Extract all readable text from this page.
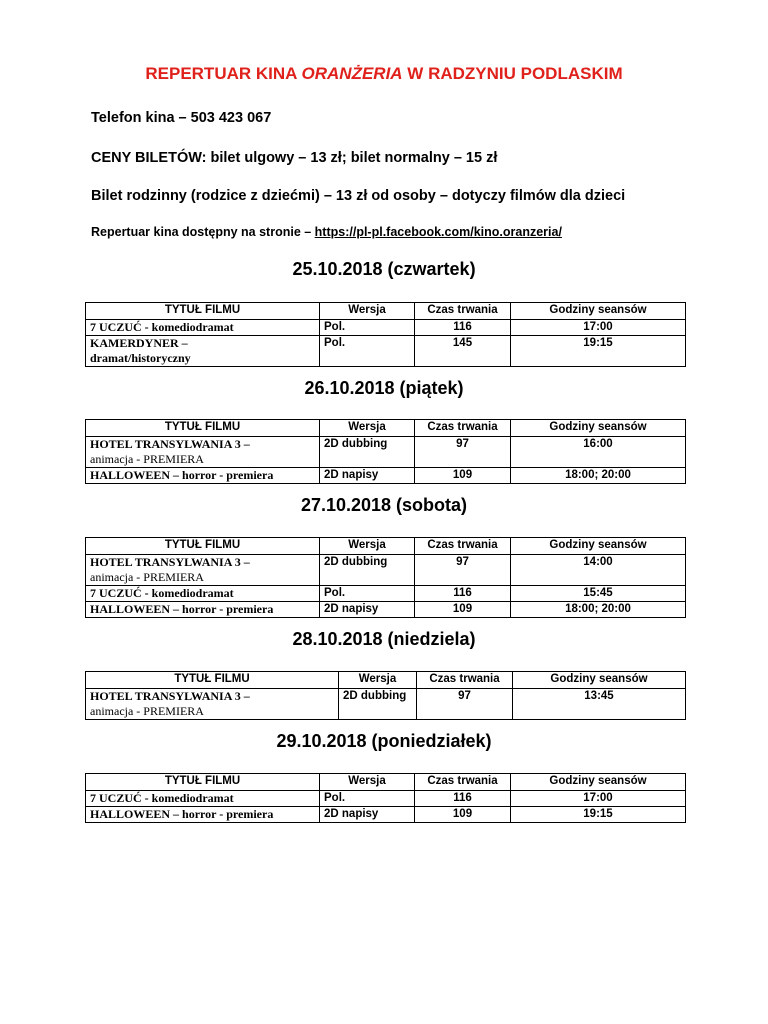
REPERTUAR KINA ORANŻERIA W RADZYNIU PODLASKIM
Telefon kina – 503 423 067
CENY BILETÓW: bilet ulgowy – 13 zł; bilet normalny – 15 zł
Bilet rodzinny (rodzice z dziećmi) – 13 zł od osoby – dotyczy filmów dla dzieci
Repertuar kina dostępny na stronie – https://pl-pl.facebook.com/kino.oranzeria/
25.10.2018 (czwartek)
TYTUŁ FILMU	Wersja	Czas trwania	Godziny seansów
7 UCZUĆ - komediodramat	Pol.	116	17:00
KAMERDYNER –
dramat/historyczny	Pol.	145	19:15
26.10.2018 (piątek)
TYTUŁ FILMU	Wersja	Czas trwania	Godziny seansów
HOTEL TRANSYLWANIA 3 –
animacja - PREMIERA	2D dubbing	97	16:00
HALLOWEEN – horror - premiera	2D napisy	109	18:00; 20:00
27.10.2018 (sobota)
TYTUŁ FILMU	Wersja	Czas trwania	Godziny seansów
HOTEL TRANSYLWANIA 3 –
animacja - PREMIERA	2D dubbing	97	14:00
7 UCZUĆ - komediodramat	Pol.	116	15:45
HALLOWEEN – horror - premiera	2D napisy	109	18:00; 20:00
28.10.2018 (niedziela)
TYTUŁ FILMU	Wersja	Czas trwania	Godziny seansów
HOTEL TRANSYLWANIA 3 –
animacja - PREMIERA	2D dubbing	97	13:45
29.10.2018 (poniedziałek)
TYTUŁ FILMU	Wersja	Czas trwania	Godziny seansów
7 UCZUĆ - komediodramat	Pol.	116	17:00
HALLOWEEN – horror - premiera	2D napisy	109	19:15
